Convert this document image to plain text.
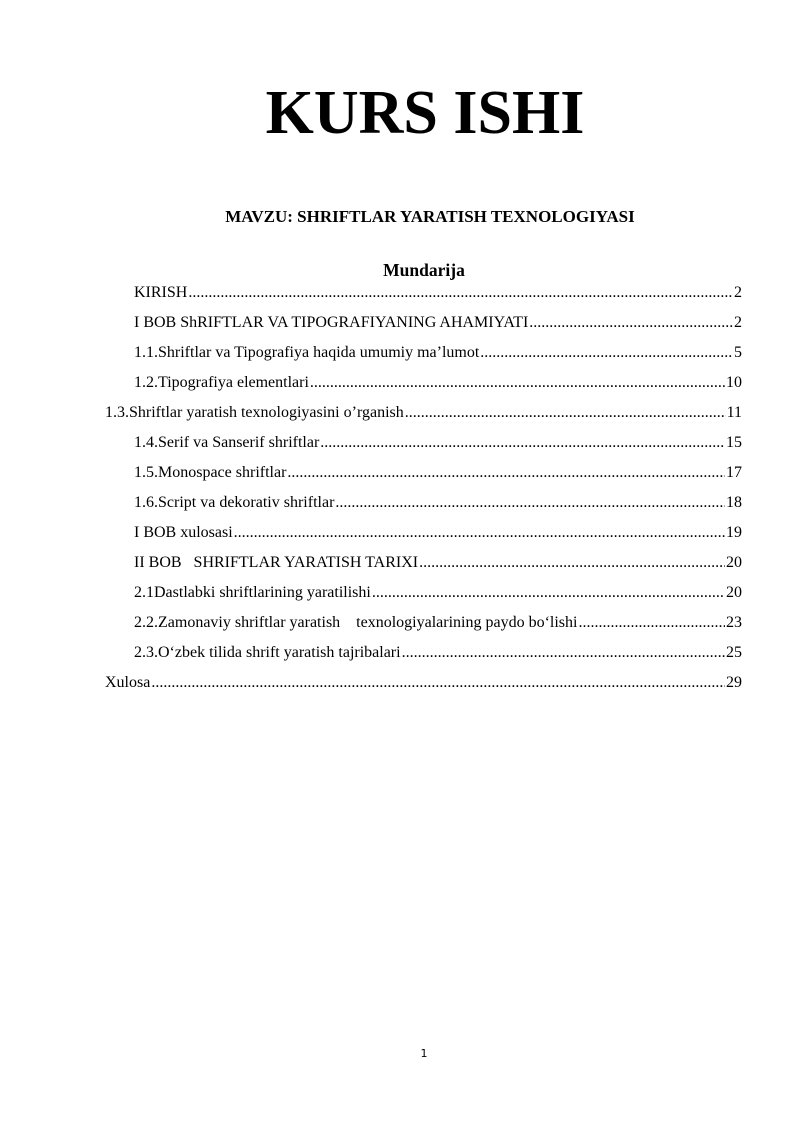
KURS ISHI
MAVZU: SHRIFTLAR YARATISH TEXNOLOGIYASI
Mundarija
KIRISH .....	2
I BOB ShRIFTLAR VA TIPOGRAFIYANING AHAMIYATI .....	2
1.1.Shriftlar va Tipografiya haqida umumiy ma’lumot .....	5
1.2.Tipografiya elementlari .....	10
1.3.Shriftlar yaratish texnologiyasini o’rganish .....	11
1.4.Serif va Sanserif shriftlar .....	15
1.5.Monospace shriftlar .....	17
1.6.Script va dekorativ shriftlar .....	18
I BOB xulosasi .....	19
II BOB   SHRIFTLAR YARATISH TARIXI .....	20
2.1Dastlabki shriftlarining yaratilishi .....	20
2.2.Zamonaviy shriftlar yaratish    texnologiyalarining paydo bo‘lishi .....	23
2.3.O‘zbek tilida shrift yaratish tajribalari .....	25
Xulosa .....	29
1
